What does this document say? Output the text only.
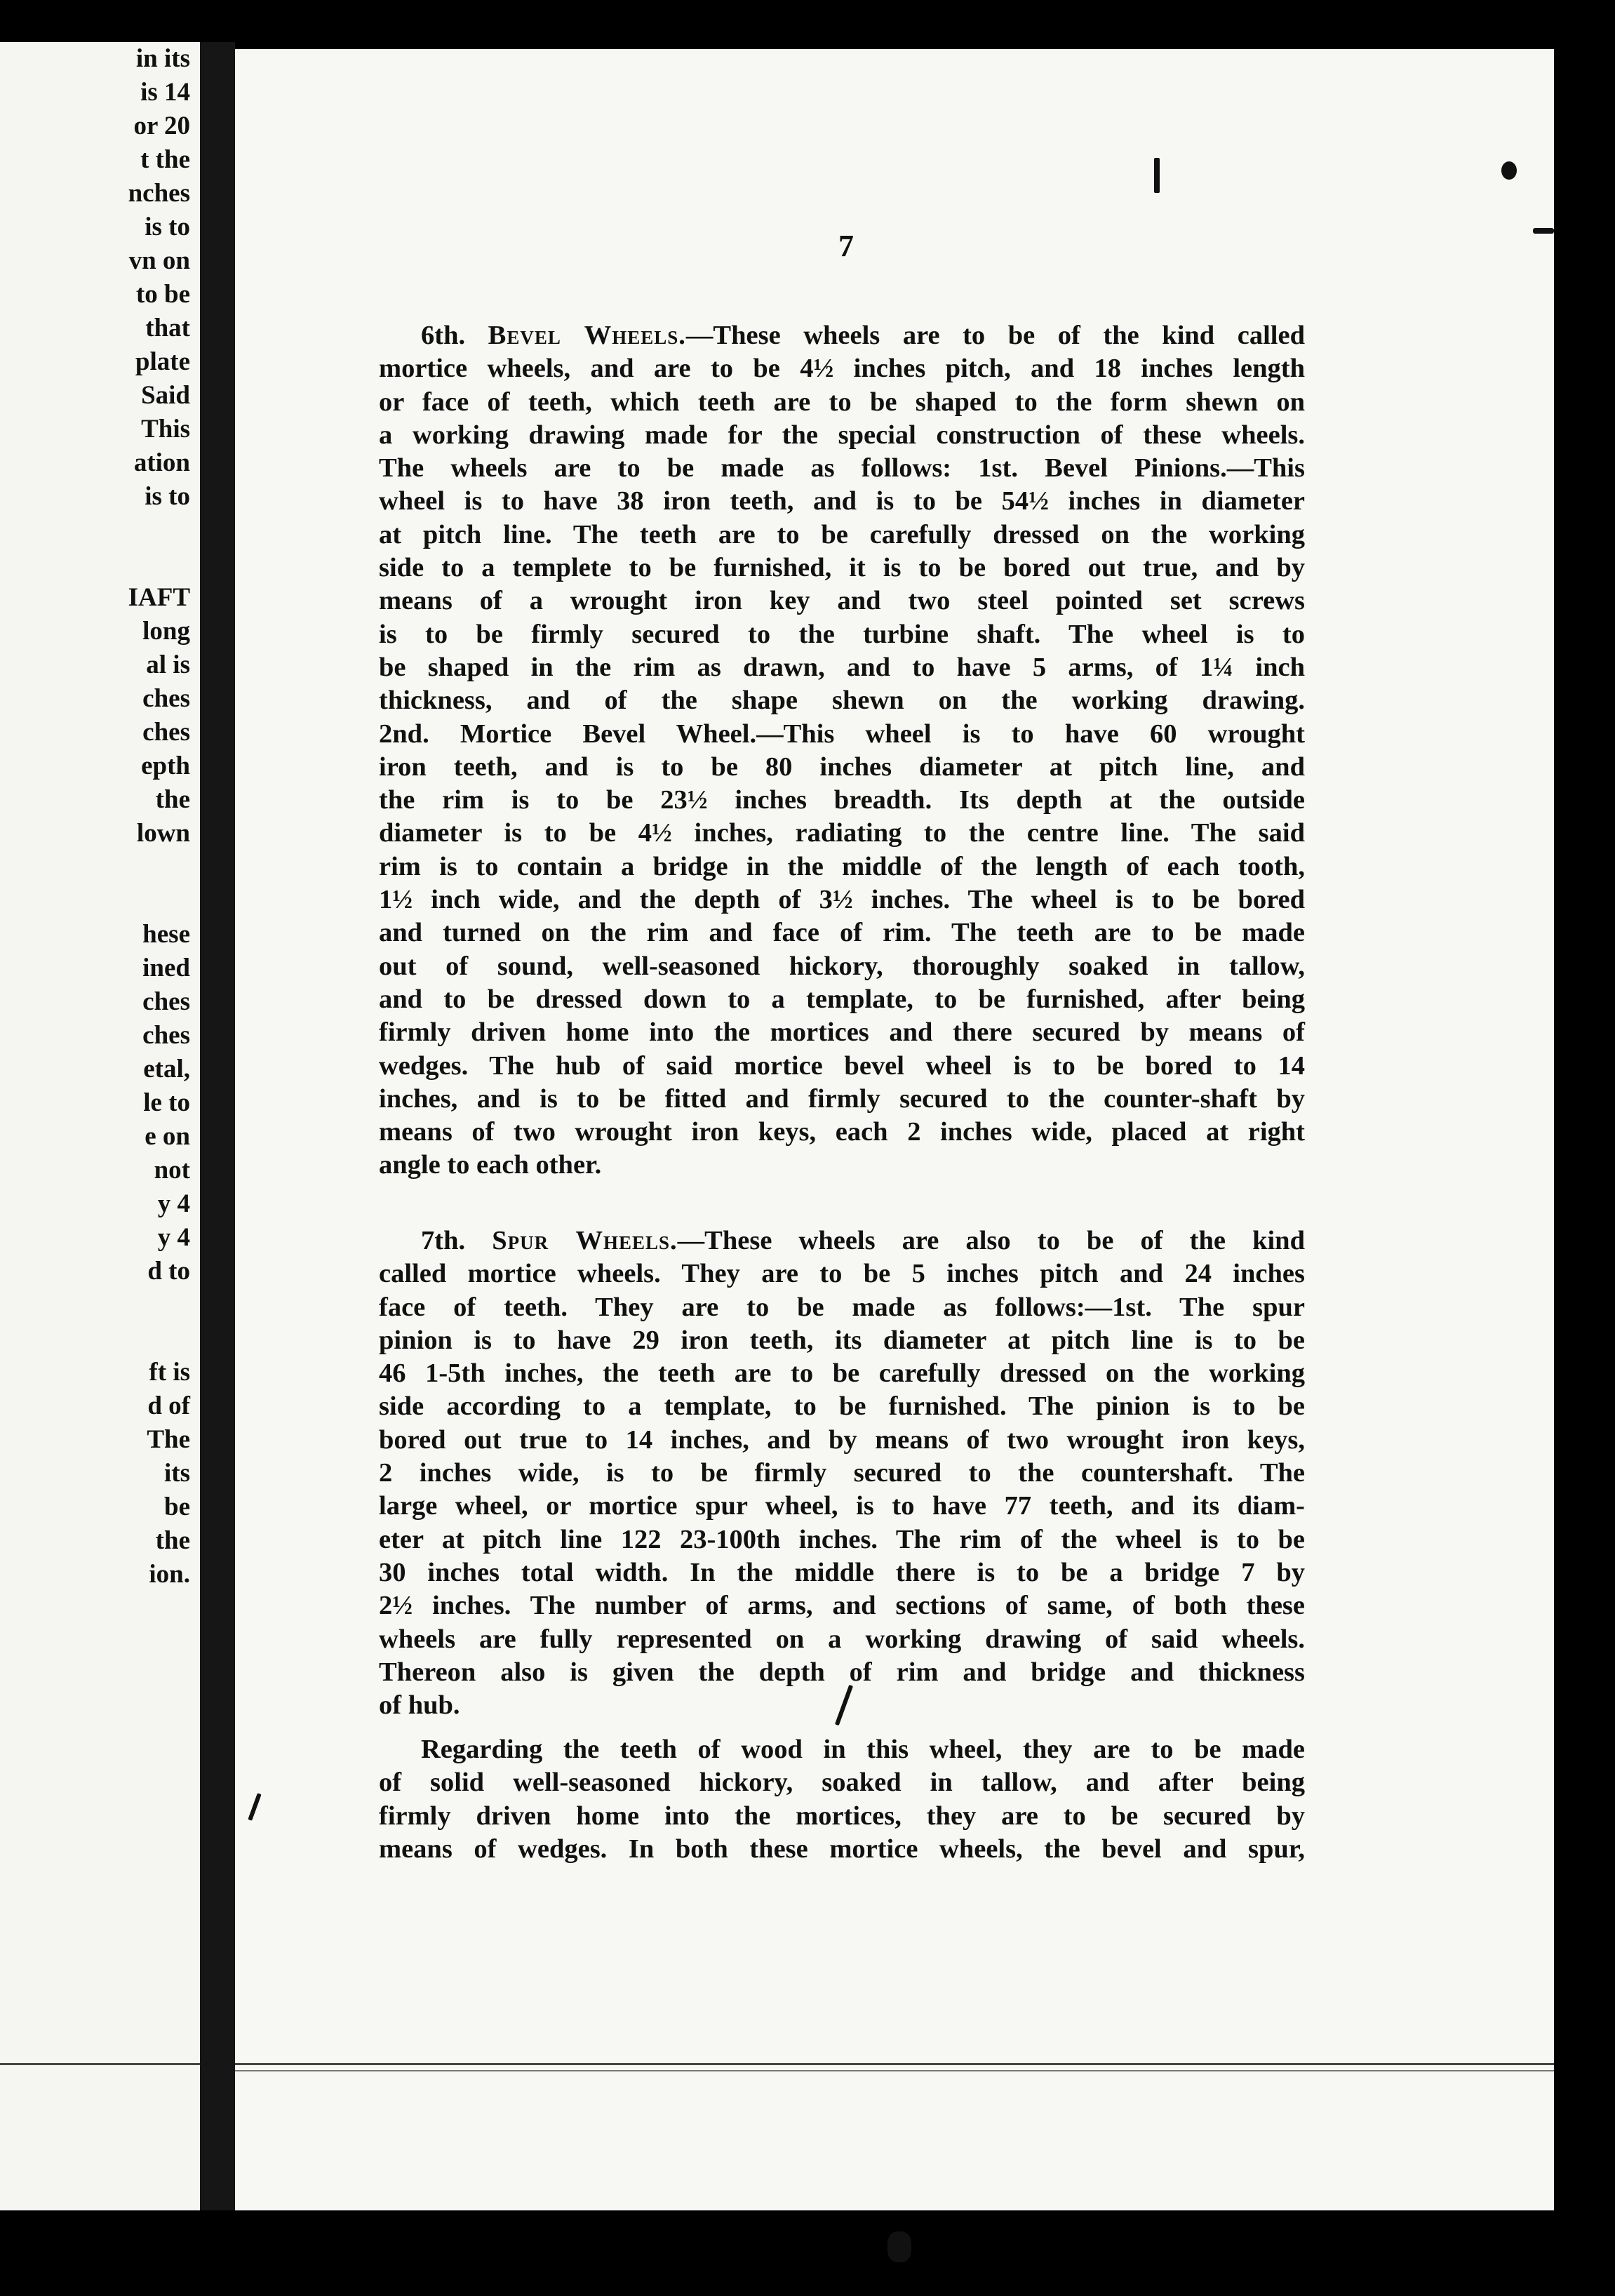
in its
is 14
or 20
t the
nches
is to
vn on
to be
that
plate
Said
This
ation
is to
IAFT
long
al is
ches
ches
epth
the
lown
hese
ined
ches
ches
etal,
le to
e on
not
y 4
y 4
d to
ft is
d of
The
its
be
the
ion.
7
6th. Bevel Wheels.—These wheels are to be of the kind called
mortice wheels, and are to be 4½ inches pitch, and 18 inches length
or face of teeth, which teeth are to be shaped to the form shewn on
a working drawing made for the special construction of these wheels.
The wheels are to be made as follows: 1st. Bevel Pinions.—This
wheel is to have 38 iron teeth, and is to be 54½ inches in diameter
at pitch line. The teeth are to be carefully dressed on the working
side to a templete to be furnished, it is to be bored out true, and by
means of a wrought iron key and two steel pointed set screws
is to be firmly secured to the turbine shaft. The wheel is to
be shaped in the rim as drawn, and to have 5 arms, of 1¼ inch
thickness, and of the shape shewn on the working drawing.
2nd. Mortice Bevel Wheel.—This wheel is to have 60 wrought
iron teeth, and is to be 80 inches diameter at pitch line, and
the rim is to be 23½ inches breadth. Its depth at the outside
diameter is to be 4½ inches, radiating to the centre line. The said
rim is to contain a bridge in the middle of the length of each tooth,
1½ inch wide, and the depth of 3½ inches. The wheel is to be bored
and turned on the rim and face of rim. The teeth are to be made
out of sound, well-seasoned hickory, thoroughly soaked in tallow,
and to be dressed down to a template, to be furnished, after being
firmly driven home into the mortices and there secured by means of
wedges. The hub of said mortice bevel wheel is to be bored to 14
inches, and is to be fitted and firmly secured to the counter-shaft by
means of two wrought iron keys, each 2 inches wide, placed at right
angle to each other.
7th. Spur Wheels.—These wheels are also to be of the kind
called mortice wheels. They are to be 5 inches pitch and 24 inches
face of teeth. They are to be made as follows:—1st. The spur
pinion is to have 29 iron teeth, its diameter at pitch line is to be
46 1-5th inches, the teeth are to be carefully dressed on the working
side according to a template, to be furnished. The pinion is to be
bored out true to 14 inches, and by means of two wrought iron keys,
2 inches wide, is to be firmly secured to the countershaft. The
large wheel, or mortice spur wheel, is to have 77 teeth, and its diam-
eter at pitch line 122 23-100th inches. The rim of the wheel is to be
30 inches total width. In the middle there is to be a bridge 7 by
2½ inches. The number of arms, and sections of same, of both these
wheels are fully represented on a working drawing of said wheels.
Thereon also is given the depth of rim and bridge and thickness
of hub.
Regarding the teeth of wood in this wheel, they are to be made
of solid well-seasoned hickory, soaked in tallow, and after being
firmly driven home into the mortices, they are to be secured by
means of wedges. In both these mortice wheels, the bevel and spur,
